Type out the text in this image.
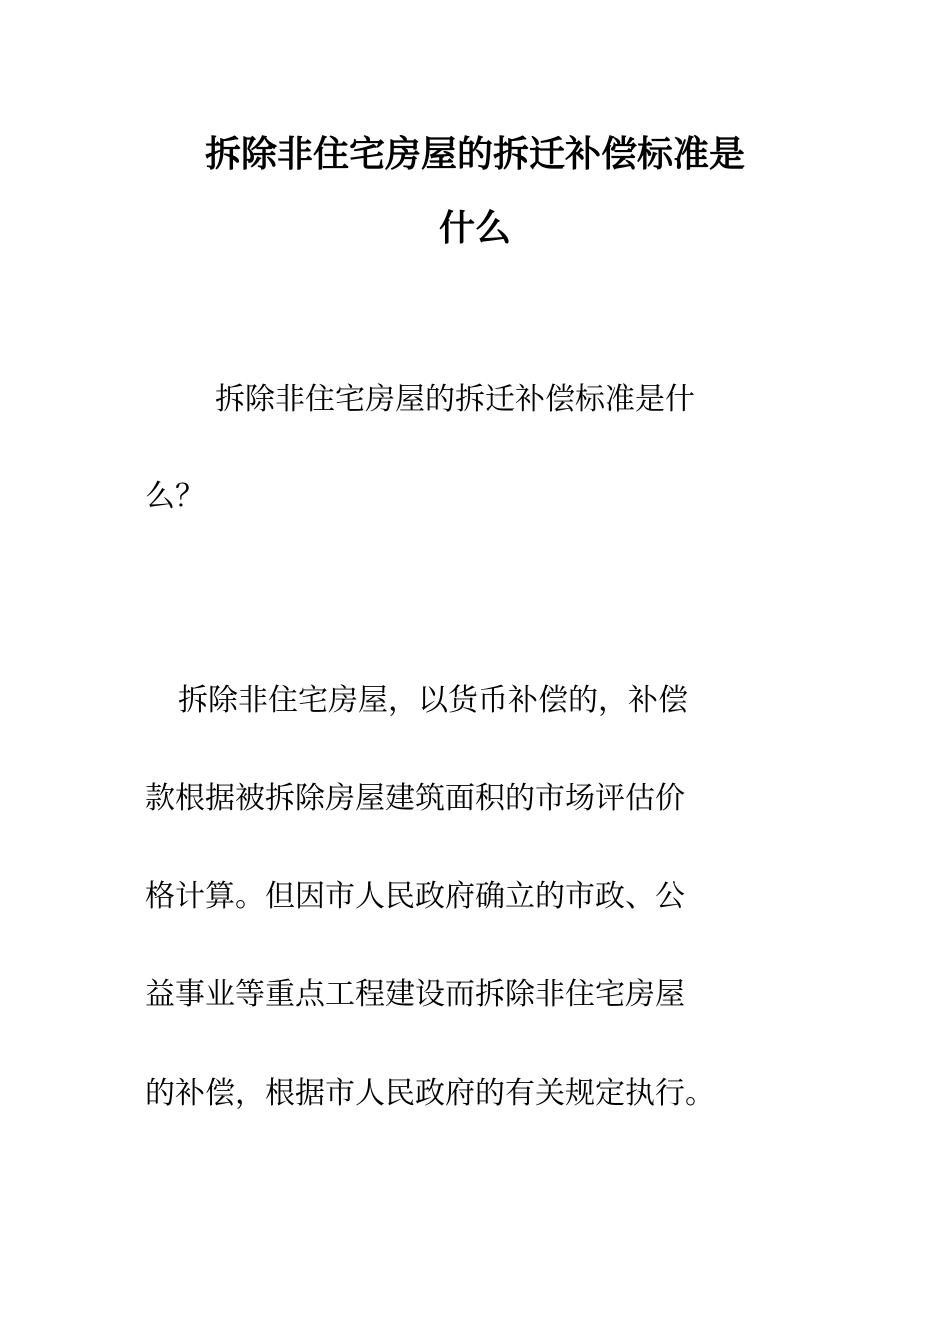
拆除非住宅房屋的拆迁补偿标准是
什么

拆除非住宅房屋的拆迁补偿标准是什

么？

拆除非住宅房屋，以货币补偿的，补偿

款根据被拆除房屋建筑面积的市场评估价

格计算。但因市人民政府确立的市政、公

益事业等重点工程建设而拆除非住宅房屋

的补偿，根据市人民政府的有关规定执行。
